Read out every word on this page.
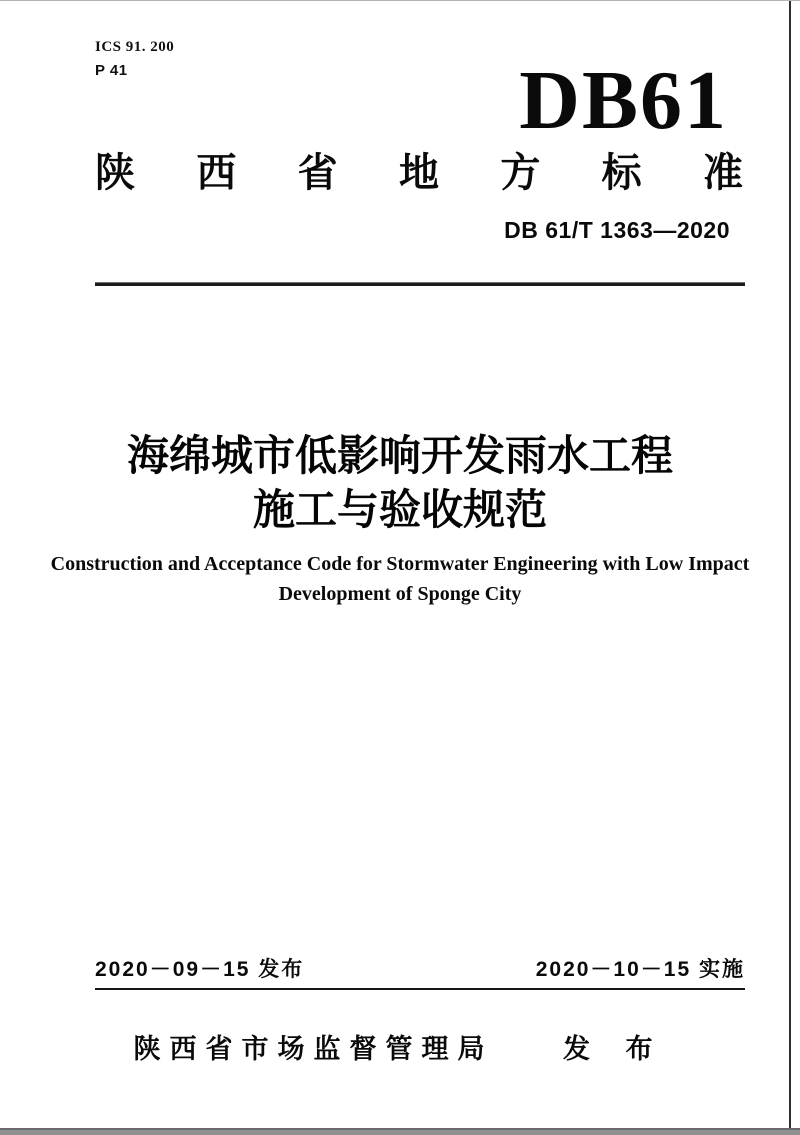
ICS 91. 200
P 41	DB61
陕 西 省 地 方 标 准
DB 61/T 1363—2020
海绵城市低影响开发雨水工程
施工与验收规范
Construction and Acceptance Code for Stormwater Engineering with Low Impact
Development of Sponge City
2020－09－15 发布	2020－10－15 实施
陕西省市场监督管理局	发 布
